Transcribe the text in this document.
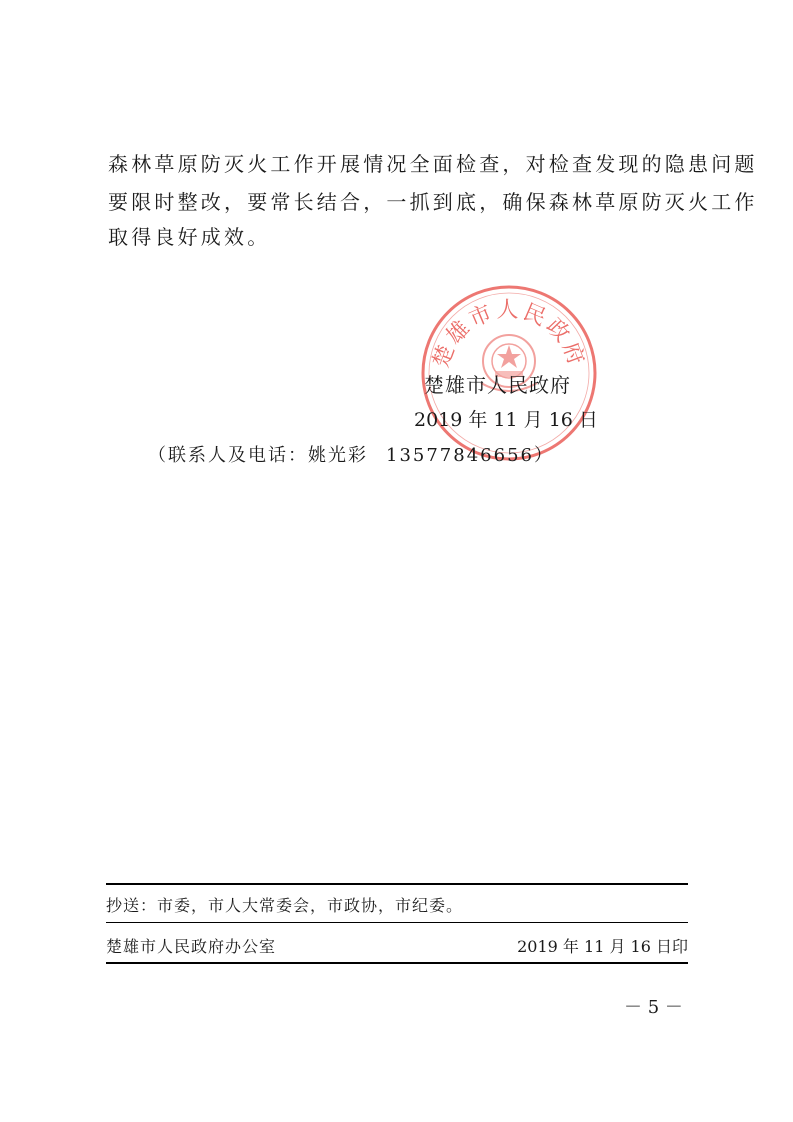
森林草原防灭火工作开展情况全面检查，对检查发现的隐患问题
要限时整改，要常长结合，一抓到底，确保森林草原防灭火工作
取得良好成效。
楚雄市人民政府
楚雄市人民政府
2019 年 11 月 16 日
（联系人及电话：姚光彩 13577846656）
抄送：市委，市人大常委会，市政协，市纪委。
楚雄市人民政府办公室	2019 年 11 月 16 日印
－ 5 －
